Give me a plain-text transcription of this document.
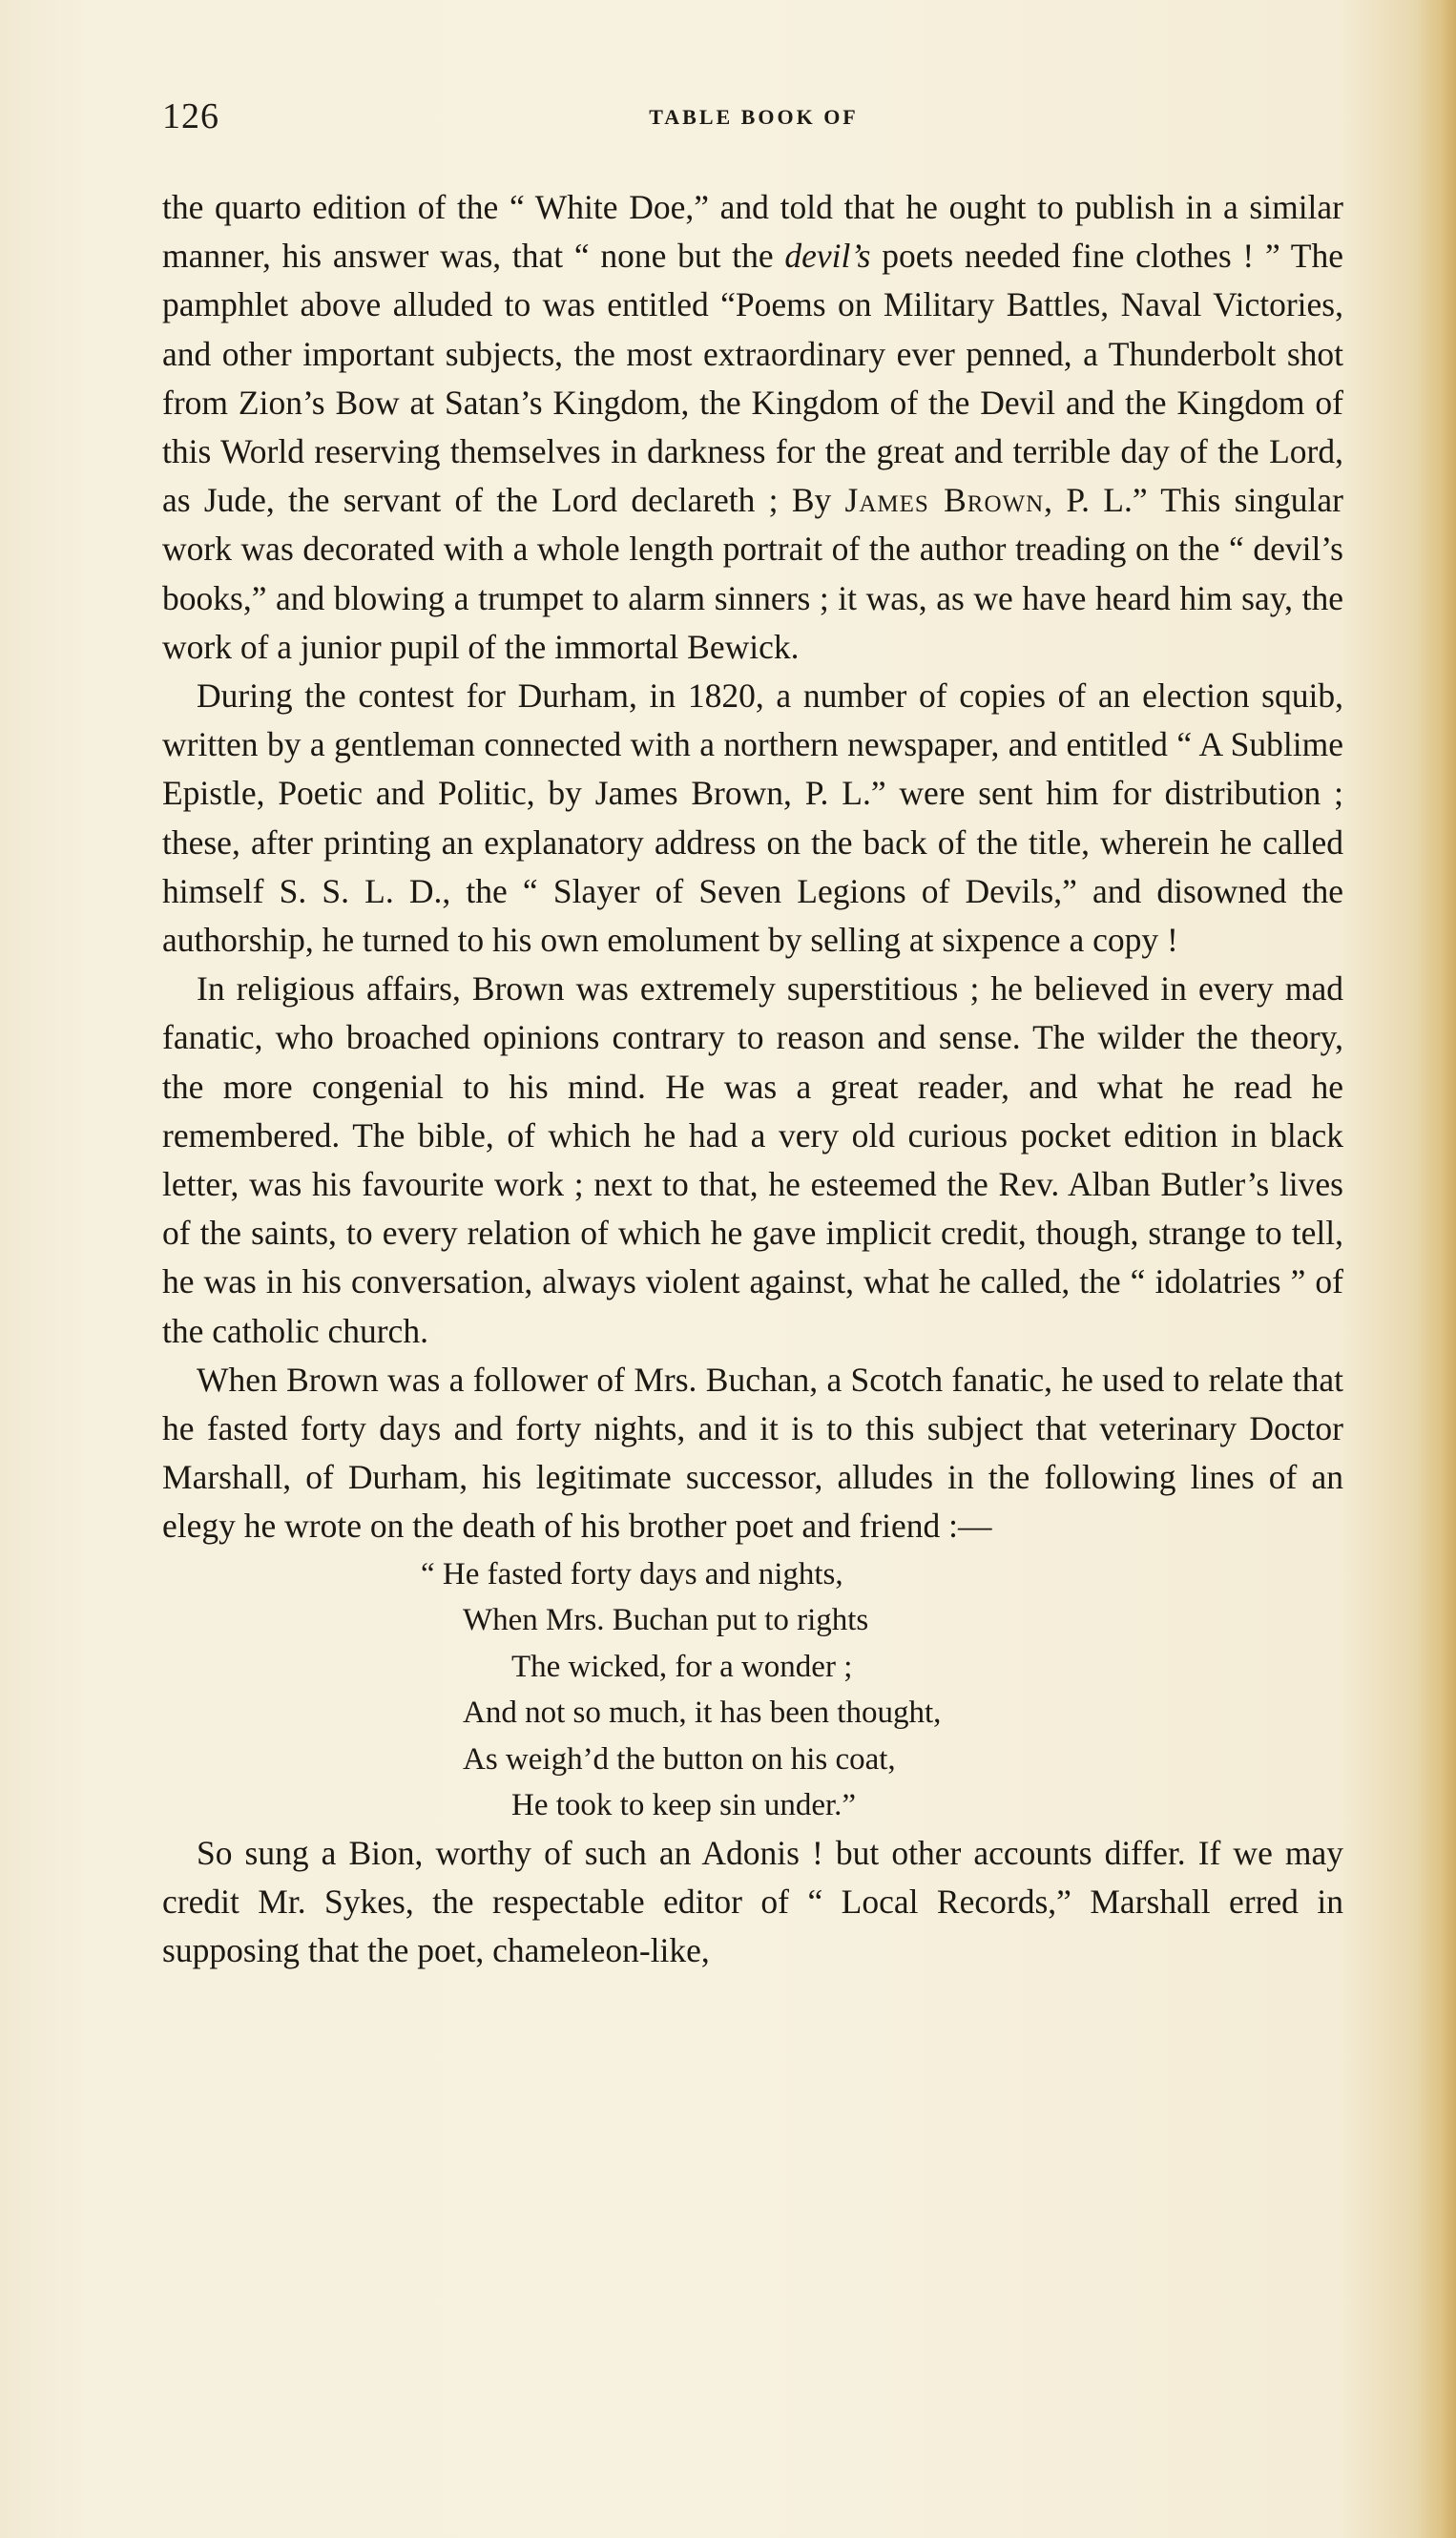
126	TABLE BOOK OF

the quarto edition of the “ White Doe,” and told that he ought to publish in a similar manner, his answer was, that “ none but the devil’s poets needed fine clothes ! ” The pamphlet above alluded to was entitled “Poems on Military Battles, Naval Victories, and other important subjects, the most extraordinary ever penned, a Thunderbolt shot from Zion’s Bow at Satan’s Kingdom, the Kingdom of the Devil and the Kingdom of this World reserving themselves in darkness for the great and terrible day of the Lord, as Jude, the servant of the Lord declareth ; By James Brown, P. L.” This singular work was decorated with a whole length portrait of the author treading on the “ devil’s books,” and blowing a trumpet to alarm sinners ; it was, as we have heard him say, the work of a junior pupil of the immortal Bewick.

During the contest for Durham, in 1820, a number of copies of an election squib, written by a gentleman connected with a northern newspaper, and entitled “ A Sublime Epistle, Poetic and Politic, by James Brown, P. L.” were sent him for distribution ; these, after printing an explanatory address on the back of the title, wherein he called himself S. S. L. D., the “ Slayer of Seven Legions of Devils,” and disowned the authorship, he turned to his own emolument by selling at sixpence a copy !

In religious affairs, Brown was extremely superstitious ; he believed in every mad fanatic, who broached opinions contrary to reason and sense. The wilder the theory, the more congenial to his mind. He was a great reader, and what he read he remembered. The bible, of which he had a very old curious pocket edition in black letter, was his favourite work ; next to that, he esteemed the Rev. Alban Butler’s lives of the saints, to every relation of which he gave implicit credit, though, strange to tell, he was in his conversation, always violent against, what he called, the “ idolatries ” of the catholic church.

When Brown was a follower of Mrs. Buchan, a Scotch fanatic, he used to relate that he fasted forty days and forty nights, and it is to this subject that veterinary Doctor Marshall, of Durham, his legitimate successor, alludes in the following lines of an elegy he wrote on the death of his brother poet and friend :—

“ He fasted forty days and nights,
When Mrs. Buchan put to rights
The wicked, for a wonder ;
And not so much, it has been thought,
As weigh’d the button on his coat,
He took to keep sin under.”

So sung a Bion, worthy of such an Adonis ! but other accounts differ. If we may credit Mr. Sykes, the respectable editor of “ Local Records,” Marshall erred in supposing that the poet, chameleon-like,
